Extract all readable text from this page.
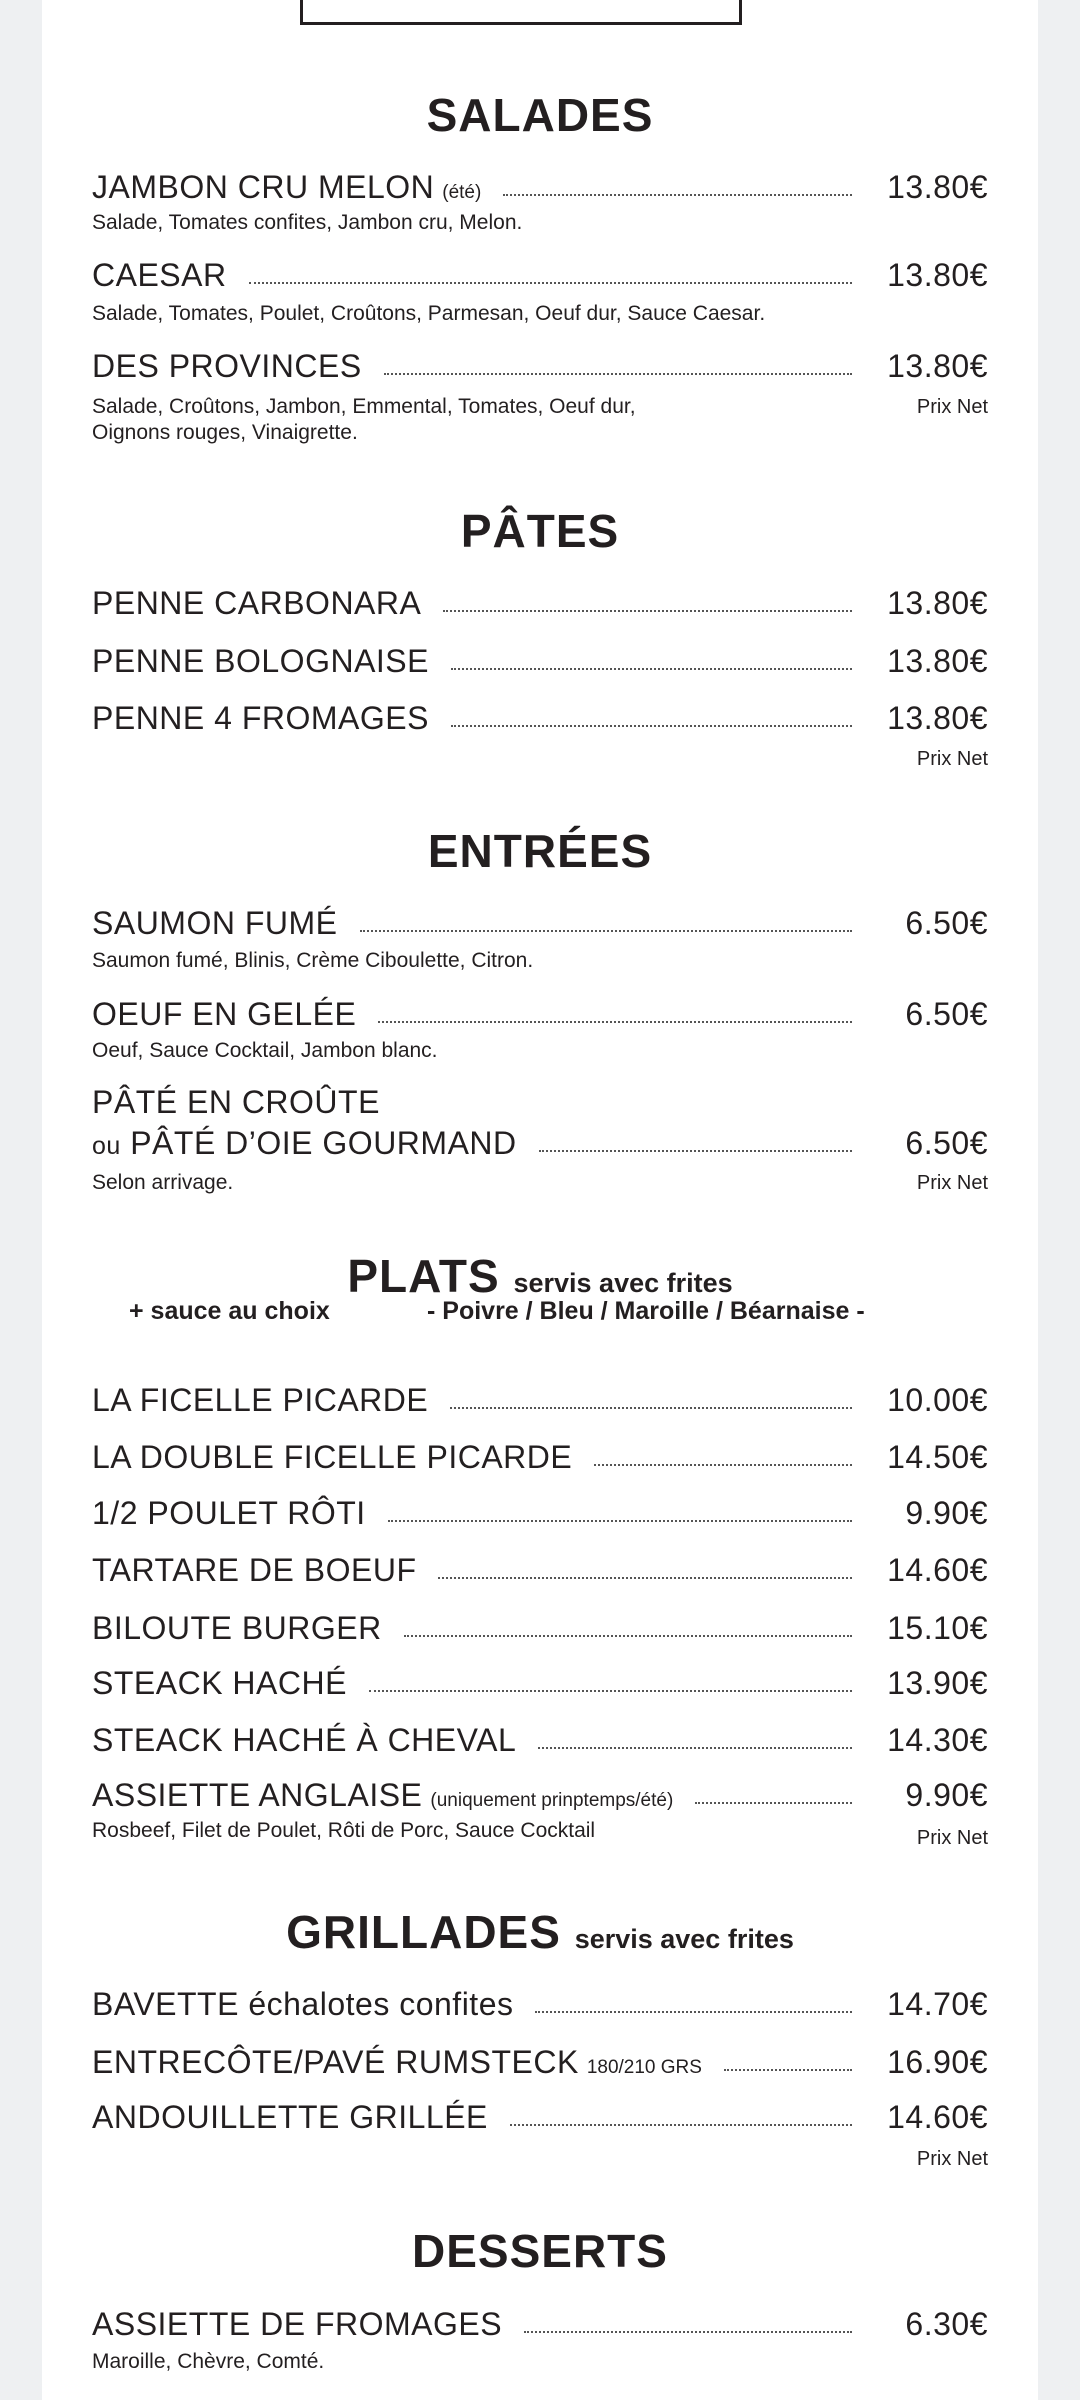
SALADES
JAMBON CRU MELON (été)	13.80€
Salade, Tomates confites, Jambon cru, Melon.
CAESAR	13.80€
Salade, Tomates, Poulet, Croûtons, Parmesan, Oeuf dur, Sauce Caesar.
DES PROVINCES	13.80€
Salade, Croûtons, Jambon, Emmental, Tomates, Oeuf dur,
Oignons rouges, Vinaigrette.
Prix Net
PÂTES
PENNE CARBONARA	13.80€
PENNE BOLOGNAISE	13.80€
PENNE 4 FROMAGES	13.80€
Prix Net
ENTRÉES
SAUMON FUMÉ	6.50€
Saumon fumé, Blinis, Crème Ciboulette, Citron.
OEUF EN GELÉE	6.50€
Oeuf, Sauce Cocktail, Jambon blanc.
PÂTÉ EN CROÛTE
ou PÂTÉ D’OIE GOURMAND	6.50€
Selon arrivage.	Prix Net
PLATS servis avec frites
+ sauce au choix	- Poivre / Bleu / Maroille / Béarnaise -
LA FICELLE PICARDE	10.00€
LA DOUBLE FICELLE PICARDE	14.50€
1/2 POULET RÔTI	9.90€
TARTARE DE BOEUF	14.60€
BILOUTE BURGER	15.10€
STEACK HACHÉ	13.90€
STEACK HACHÉ À CHEVAL	14.30€
ASSIETTE ANGLAISE (uniquement prinptemps/été)	9.90€
Rosbeef, Filet de Poulet, Rôti de Porc, Sauce Cocktail	Prix Net
GRILLADES servis avec frites
BAVETTE échalotes confites	14.70€
ENTRECÔTE/PAVÉ RUMSTECK 180/210 GRS	16.90€
ANDOUILLETTE GRILLÉE	14.60€
Prix Net
DESSERTS
ASSIETTE DE FROMAGES	6.30€
Maroille, Chèvre, Comté.
